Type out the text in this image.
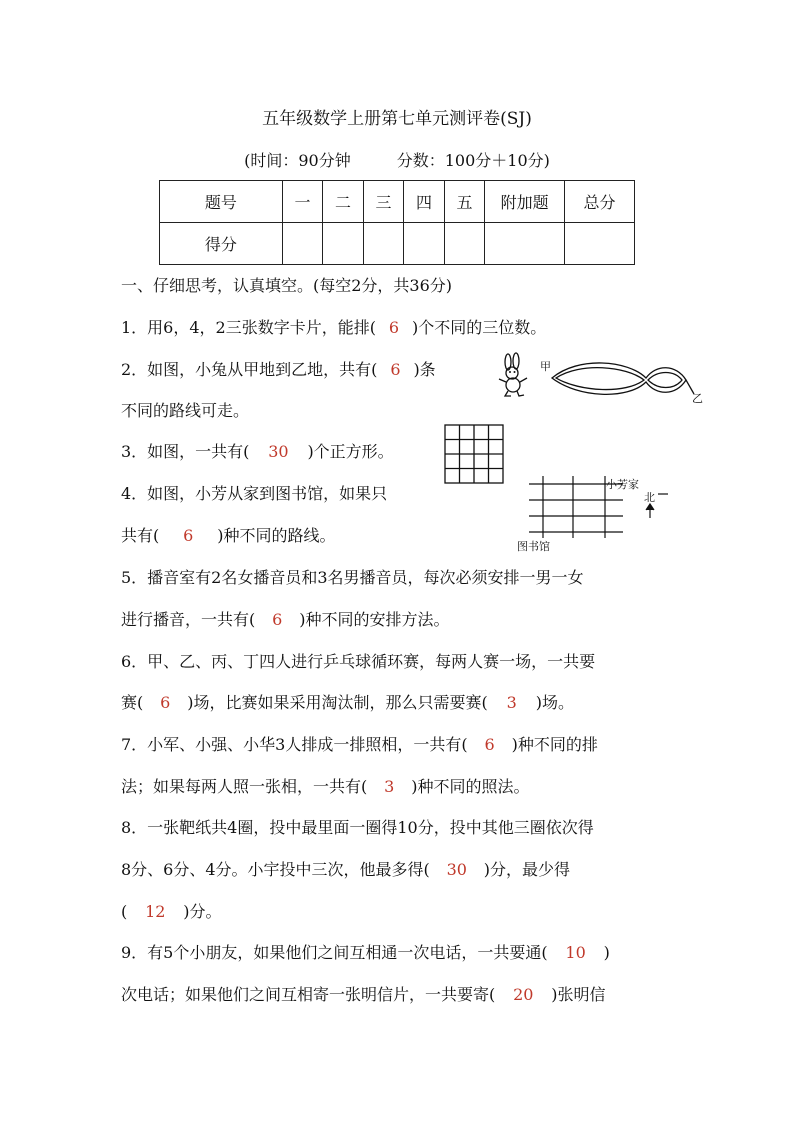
五年级数学上册第七单元测评卷(SJ)
(时间：90分钟	分数：100分＋10分)
题号	一	二	三	四	五	附加题	总分
得分							
一、仔细思考，认真填空。(每空2分，共36分)
1．用6，4，2三张数字卡片，能排( 6 )个不同的三位数。
2．如图，小兔从甲地到乙地，共有( 6 )条
不同的路线可走。
甲
乙
3．如图，一共有( 30 )个正方形。
4．如图，小芳从家到图书馆，如果只
共有( 6 )种不同的路线。
小芳家
北
图书馆
5．播音室有2名女播音员和3名男播音员，每次必须安排一男一女
进行播音，一共有( 6 )种不同的安排方法。
6．甲、乙、丙、丁四人进行乒乓球循环赛，每两人赛一场，一共要
赛( 6 )场，比赛如果采用淘汰制，那么只需要赛( 3 )场。
7．小军、小强、小华3人排成一排照相，一共有( 6 )种不同的排
法；如果每两人照一张相，一共有( 3 )种不同的照法。
8．一张靶纸共4圈，投中最里面一圈得10分，投中其他三圈依次得
8分、6分、4分。小宇投中三次，他最多得( 30 )分，最少得
( 12 )分。
9．有5个小朋友，如果他们之间互相通一次电话，一共要通( 10 )
次电话；如果他们之间互相寄一张明信片，一共要寄( 20 )张明信
